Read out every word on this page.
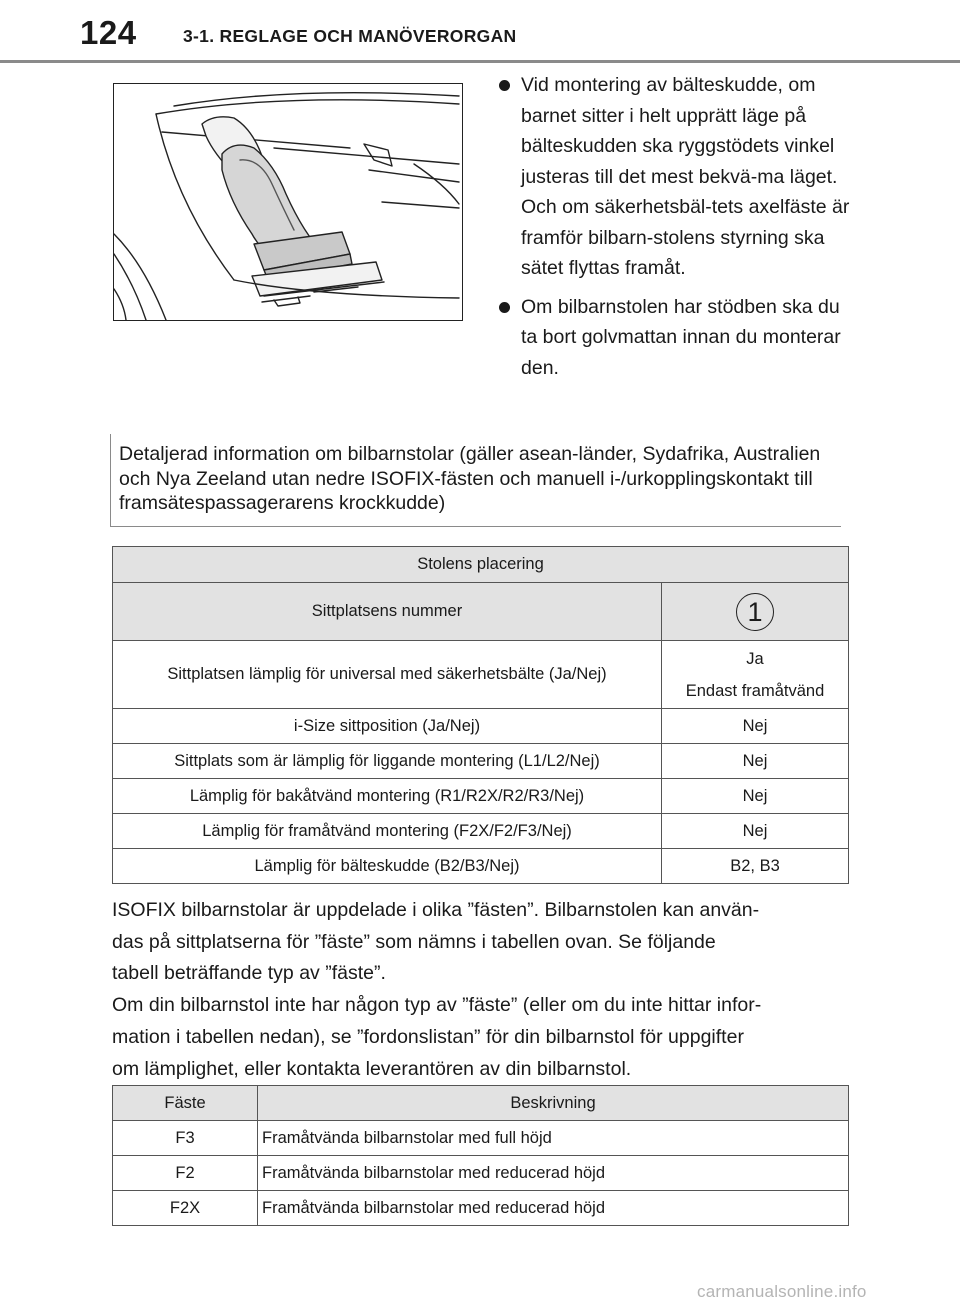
124	3-1. REGLAGE OCH MANÖVERORGAN
Vid montering av bälteskudde, om barnet sitter i helt upprätt läge på bälteskudden ska ryggstödets vinkel justeras till det mest bekvä-ma läget. Och om säkerhetsbäl-tets axelfäste är framför bilbarn-stolens styrning ska sätet flyttas framåt.
Om bilbarnstolen har stödben ska du ta bort golvmattan innan du monterar den.
Detaljerad information om bilbarnstolar (gäller asean-länder, Sydafrika, Australien och Nya Zeeland utan nedre ISOFIX-fästen och manuell i-/urkopplingskontakt till framsätespassagerarens krockkudde)
Stolens placering	
Sittplatsens nummer	1
Sittplatsen lämplig för universal med säkerhetsbälte (Ja/Nej)	Ja
Endast framåtvänd

i-Size sittposition (Ja/Nej)	Nej
Sittplats som är lämplig för liggande montering (L1/L2/Nej)	Nej
Lämplig för bakåtvänd montering (R1/R2X/R2/R3/Nej)	Nej
Lämplig för framåtvänd montering (F2X/F2/F3/Nej)	Nej
Lämplig för bälteskudde (B2/B3/Nej)	B2, B3
ISOFIX bilbarnstolar är uppdelade i olika ”fästen”. Bilbarnstolen kan använ-
das på sittplatserna för ”fäste” som nämns i tabellen ovan. Se följande
tabell beträffande typ av ”fäste”.
Om din bilbarnstol inte har någon typ av ”fäste” (eller om du inte hittar infor-
mation i tabellen nedan), se ”fordonslistan” för din bilbarnstol för uppgifter
om lämplighet, eller kontakta leverantören av din bilbarnstol.
Fäste	Beskrivning
F3	Framåtvända bilbarnstolar med full höjd
F2	Framåtvända bilbarnstolar med reducerad höjd
F2X	Framåtvända bilbarnstolar med reducerad höjd
carmanualsonline.info
